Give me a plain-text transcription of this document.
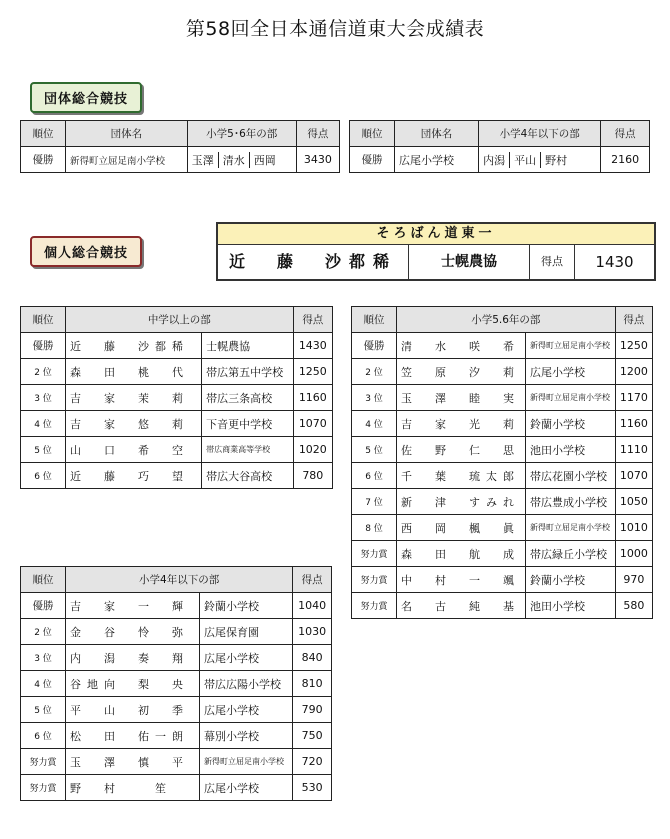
第58回全日本通信道東大会成績表
団体総合競技
順位	団体名	小学5･6年の部	得点
優勝	新得町立屈足南小学校	玉澤 清水 西岡	3430
順位	団体名	小学4年以下の部	得点
優勝	広尾小学校	内潟 平山 野村	2160
個人総合競技
そろばん道東一
近　藤　沙都稀	士幌農協	得点	1430
順位	中学以上の部		得点
優勝	近　藤　沙都稀	士幌農協	1430
2 位	森　田　桃　代	帯広第五中学校	1250
3 位	吉　家　茉　莉	帯広三条高校	1160
4 位	吉　家　悠　莉	下音更中学校	1070
5 位	山　口　希　空	帯広商業高等学校	1020
6 位	近　藤　巧　望	帯広大谷高校	780
順位	小学5.6年の部		得点
優勝	清　水　咲　希	新得町立屈足南小学校	1250
2 位	笠　原　汐　莉	広尾小学校	1200
3 位	玉　澤　睦　実	新得町立屈足南小学校	1170
4 位	吉　家　光　莉	鈴蘭小学校	1160
5 位	佐　野　仁　思	池田小学校	1110
6 位	千　葉　琉太郎	帯広花園小学校	1070
7 位	新　津　すみれ	帯広豊成小学校	1050
8 位	西　岡　楓　眞	新得町立屈足南小学校	1010
努力賞	森　田　航　成	帯広緑丘小学校	1000
努力賞	中　村　一　颯	鈴蘭小学校	970
努力賞	名　古　純　基	池田小学校	580
順位	小学4年以下の部		得点
優勝	吉　家　一　輝	鈴蘭小学校	1040
2 位	金　谷　怜　弥	広尾保育園	1030
3 位	内　潟　奏　翔	広尾小学校	840
4 位	谷地向　梨　央	帯広広陽小学校	810
5 位	平　山　初　季	広尾小学校	790
6 位	松　田　佑一朗	幕別小学校	750
努力賞	玉　澤　慎　平	新得町立屈足南小学校	720
努力賞	野　村　　笙	広尾小学校	530
